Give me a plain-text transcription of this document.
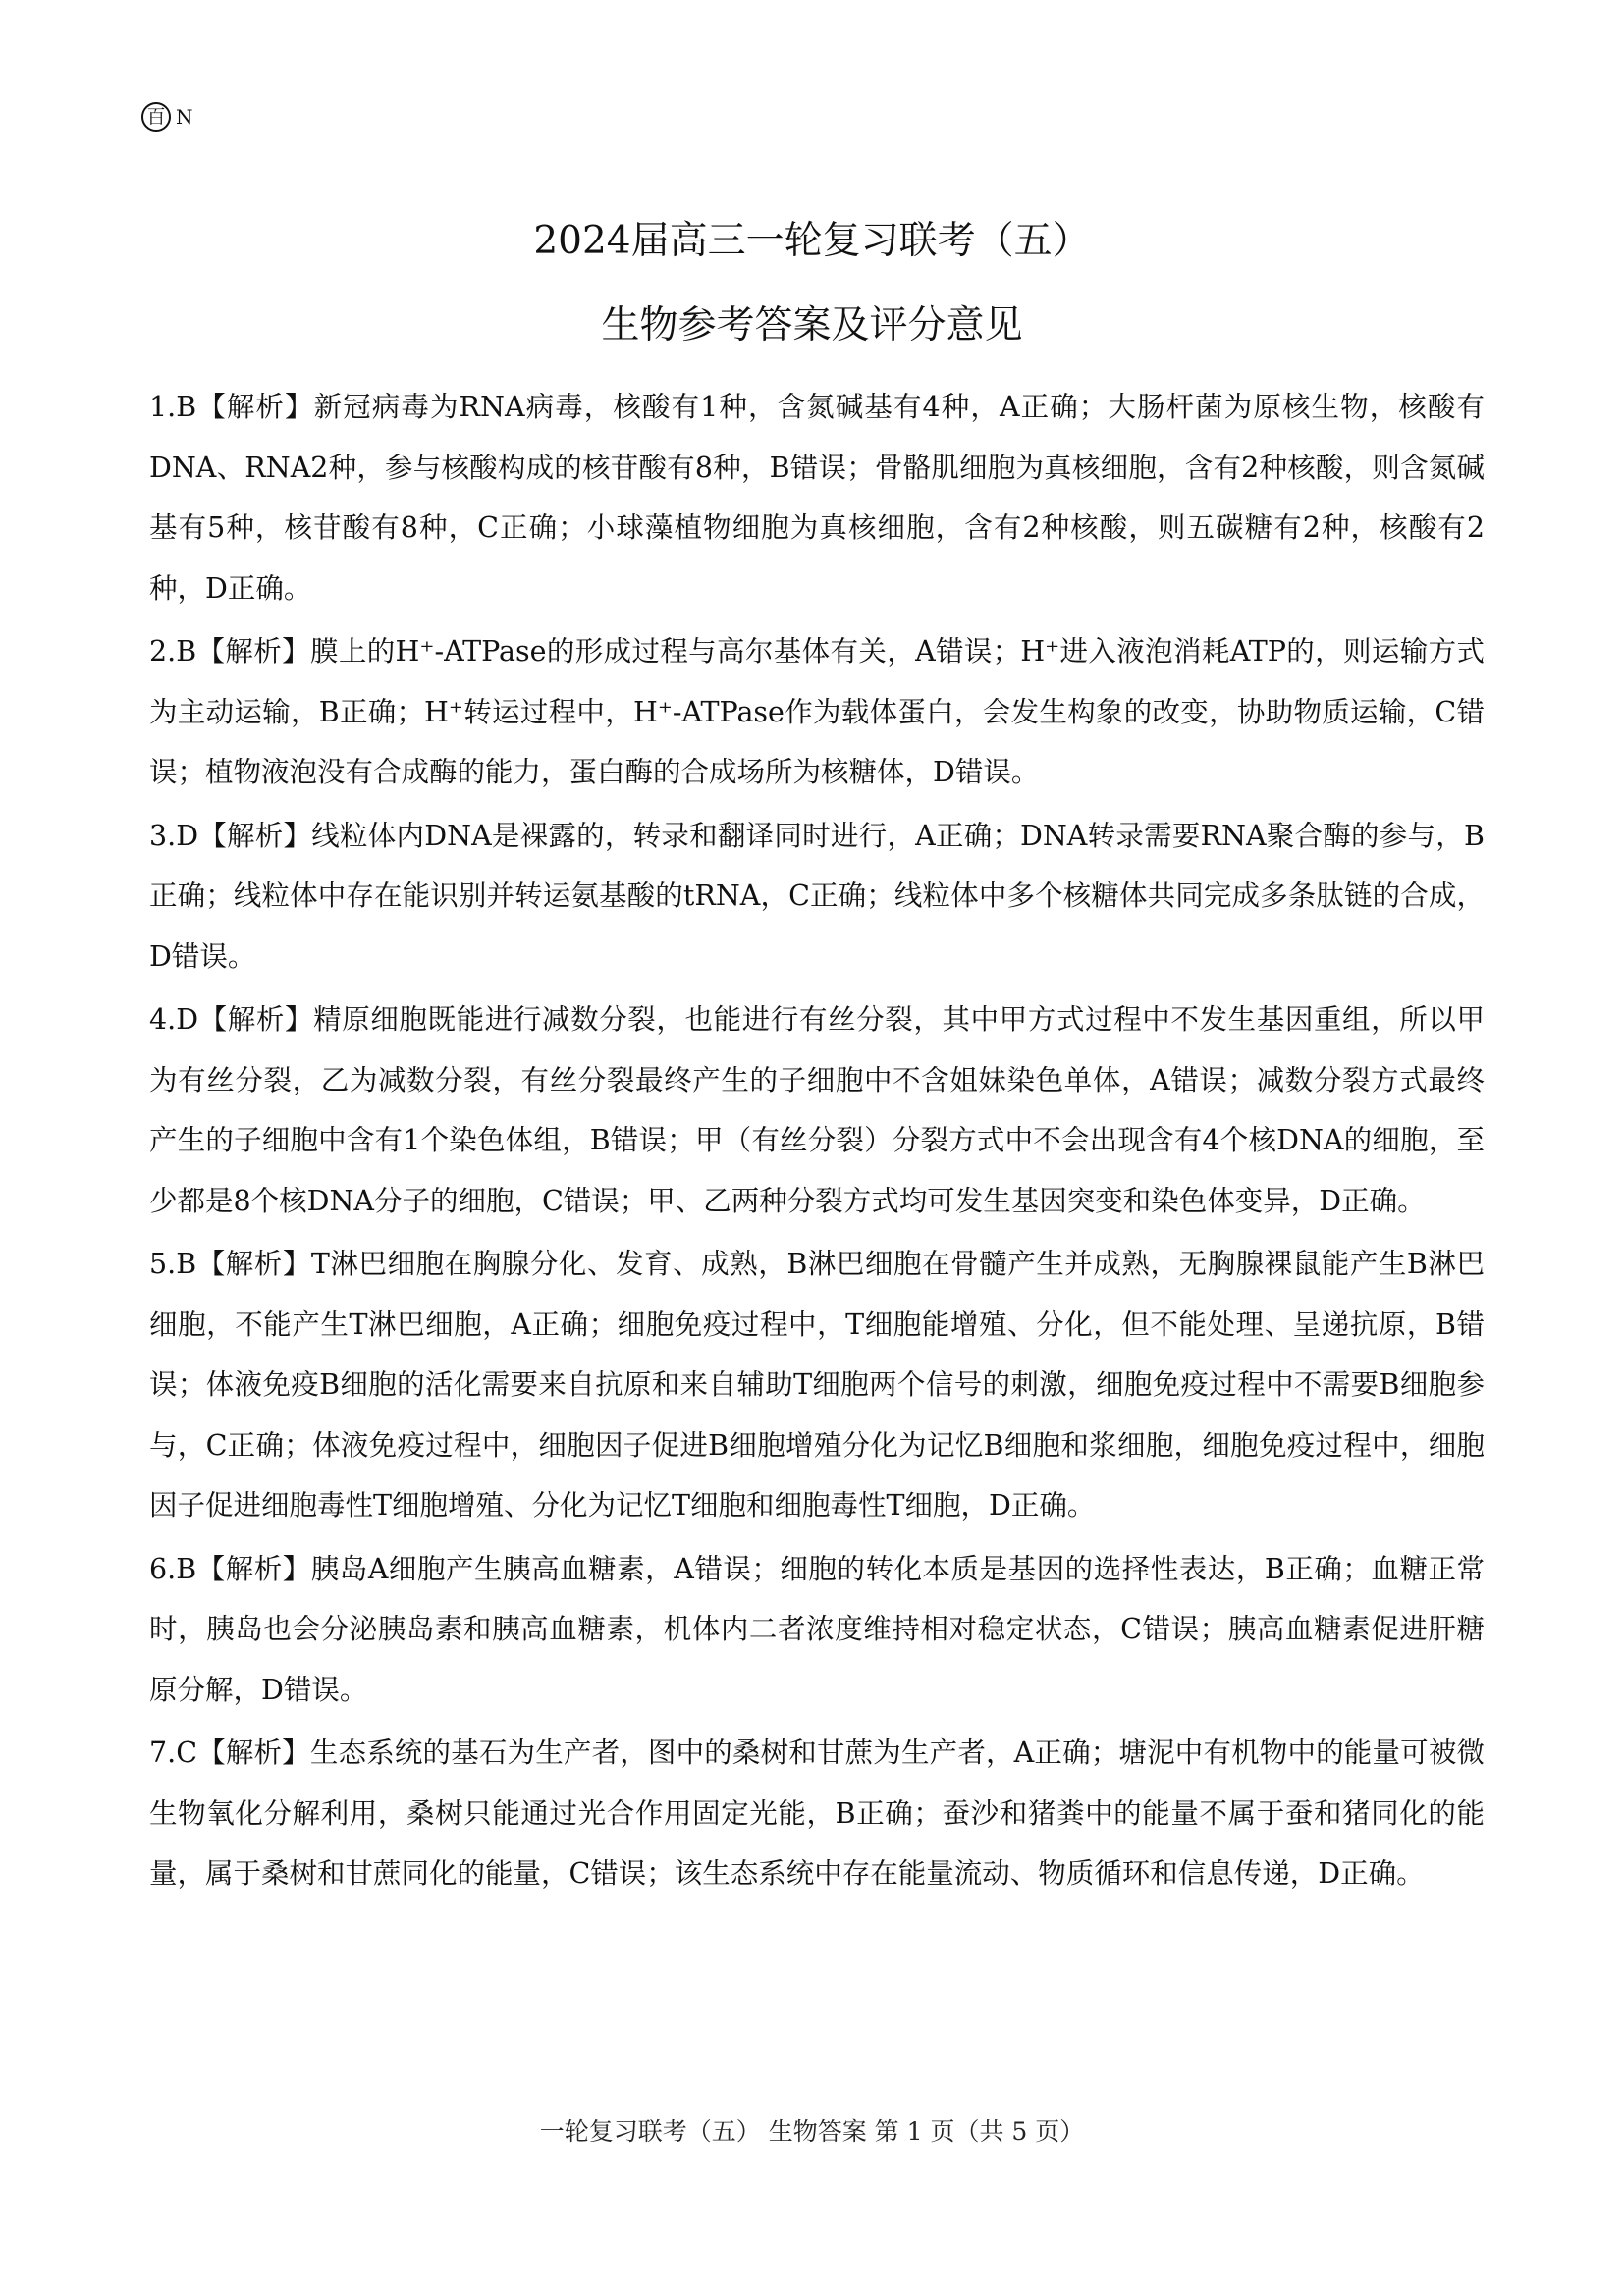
百 N
2024届高三一轮复习联考（五）
生物参考答案及评分意见

1.B【解析】新冠病毒为RNA病毒，核酸有1种，含氮碱基有4种，A正确；大肠杆菌为原核生物，核酸有DNA、RNA2种，参与核酸构成的核苷酸有8种，B错误；骨骼肌细胞为真核细胞，含有2种核酸，则含氮碱基有5种，核苷酸有8种，C正确；小球藻植物细胞为真核细胞，含有2种核酸，则五碳糖有2种，核酸有2种，D正确。

2.B【解析】膜上的H⁺-ATPase的形成过程与高尔基体有关，A错误；H⁺进入液泡消耗ATP的，则运输方式为主动运输，B正确；H⁺转运过程中，H⁺-ATPase作为载体蛋白，会发生构象的改变，协助物质运输，C错误；植物液泡没有合成酶的能力，蛋白酶的合成场所为核糖体，D错误。

3.D【解析】线粒体内DNA是裸露的，转录和翻译同时进行，A正确；DNA转录需要RNA聚合酶的参与，B正确；线粒体中存在能识别并转运氨基酸的tRNA，C正确；线粒体中多个核糖体共同完成多条肽链的合成，D错误。

4.D【解析】精原细胞既能进行减数分裂，也能进行有丝分裂，其中甲方式过程中不发生基因重组，所以甲为有丝分裂，乙为减数分裂，有丝分裂最终产生的子细胞中不含姐妹染色单体，A错误；减数分裂方式最终产生的子细胞中含有1个染色体组，B错误；甲（有丝分裂）分裂方式中不会出现含有4个核DNA的细胞，至少都是8个核DNA分子的细胞，C错误；甲、乙两种分裂方式均可发生基因突变和染色体变异，D正确。

5.B【解析】T淋巴细胞在胸腺分化、发育、成熟，B淋巴细胞在骨髓产生并成熟，无胸腺裸鼠能产生B淋巴细胞，不能产生T淋巴细胞，A正确；细胞免疫过程中，T细胞能增殖、分化，但不能处理、呈递抗原，B错误；体液免疫B细胞的活化需要来自抗原和来自辅助T细胞两个信号的刺激，细胞免疫过程中不需要B细胞参与，C正确；体液免疫过程中，细胞因子促进B细胞增殖分化为记忆B细胞和浆细胞，细胞免疫过程中，细胞因子促进细胞毒性T细胞增殖、分化为记忆T细胞和细胞毒性T细胞，D正确。

6.B【解析】胰岛A细胞产生胰高血糖素，A错误；细胞的转化本质是基因的选择性表达，B正确；血糖正常时，胰岛也会分泌胰岛素和胰高血糖素，机体内二者浓度维持相对稳定状态，C错误；胰高血糖素促进肝糖原分解，D错误。

7.C【解析】生态系统的基石为生产者，图中的桑树和甘蔗为生产者，A正确；塘泥中有机物中的能量可被微生物氧化分解利用，桑树只能通过光合作用固定光能，B正确；蚕沙和猪粪中的能量不属于蚕和猪同化的能量，属于桑树和甘蔗同化的能量，C错误；该生态系统中存在能量流动、物质循环和信息传递，D正确。

一轮复习联考（五） 生物答案 第 1 页（共 5 页）
